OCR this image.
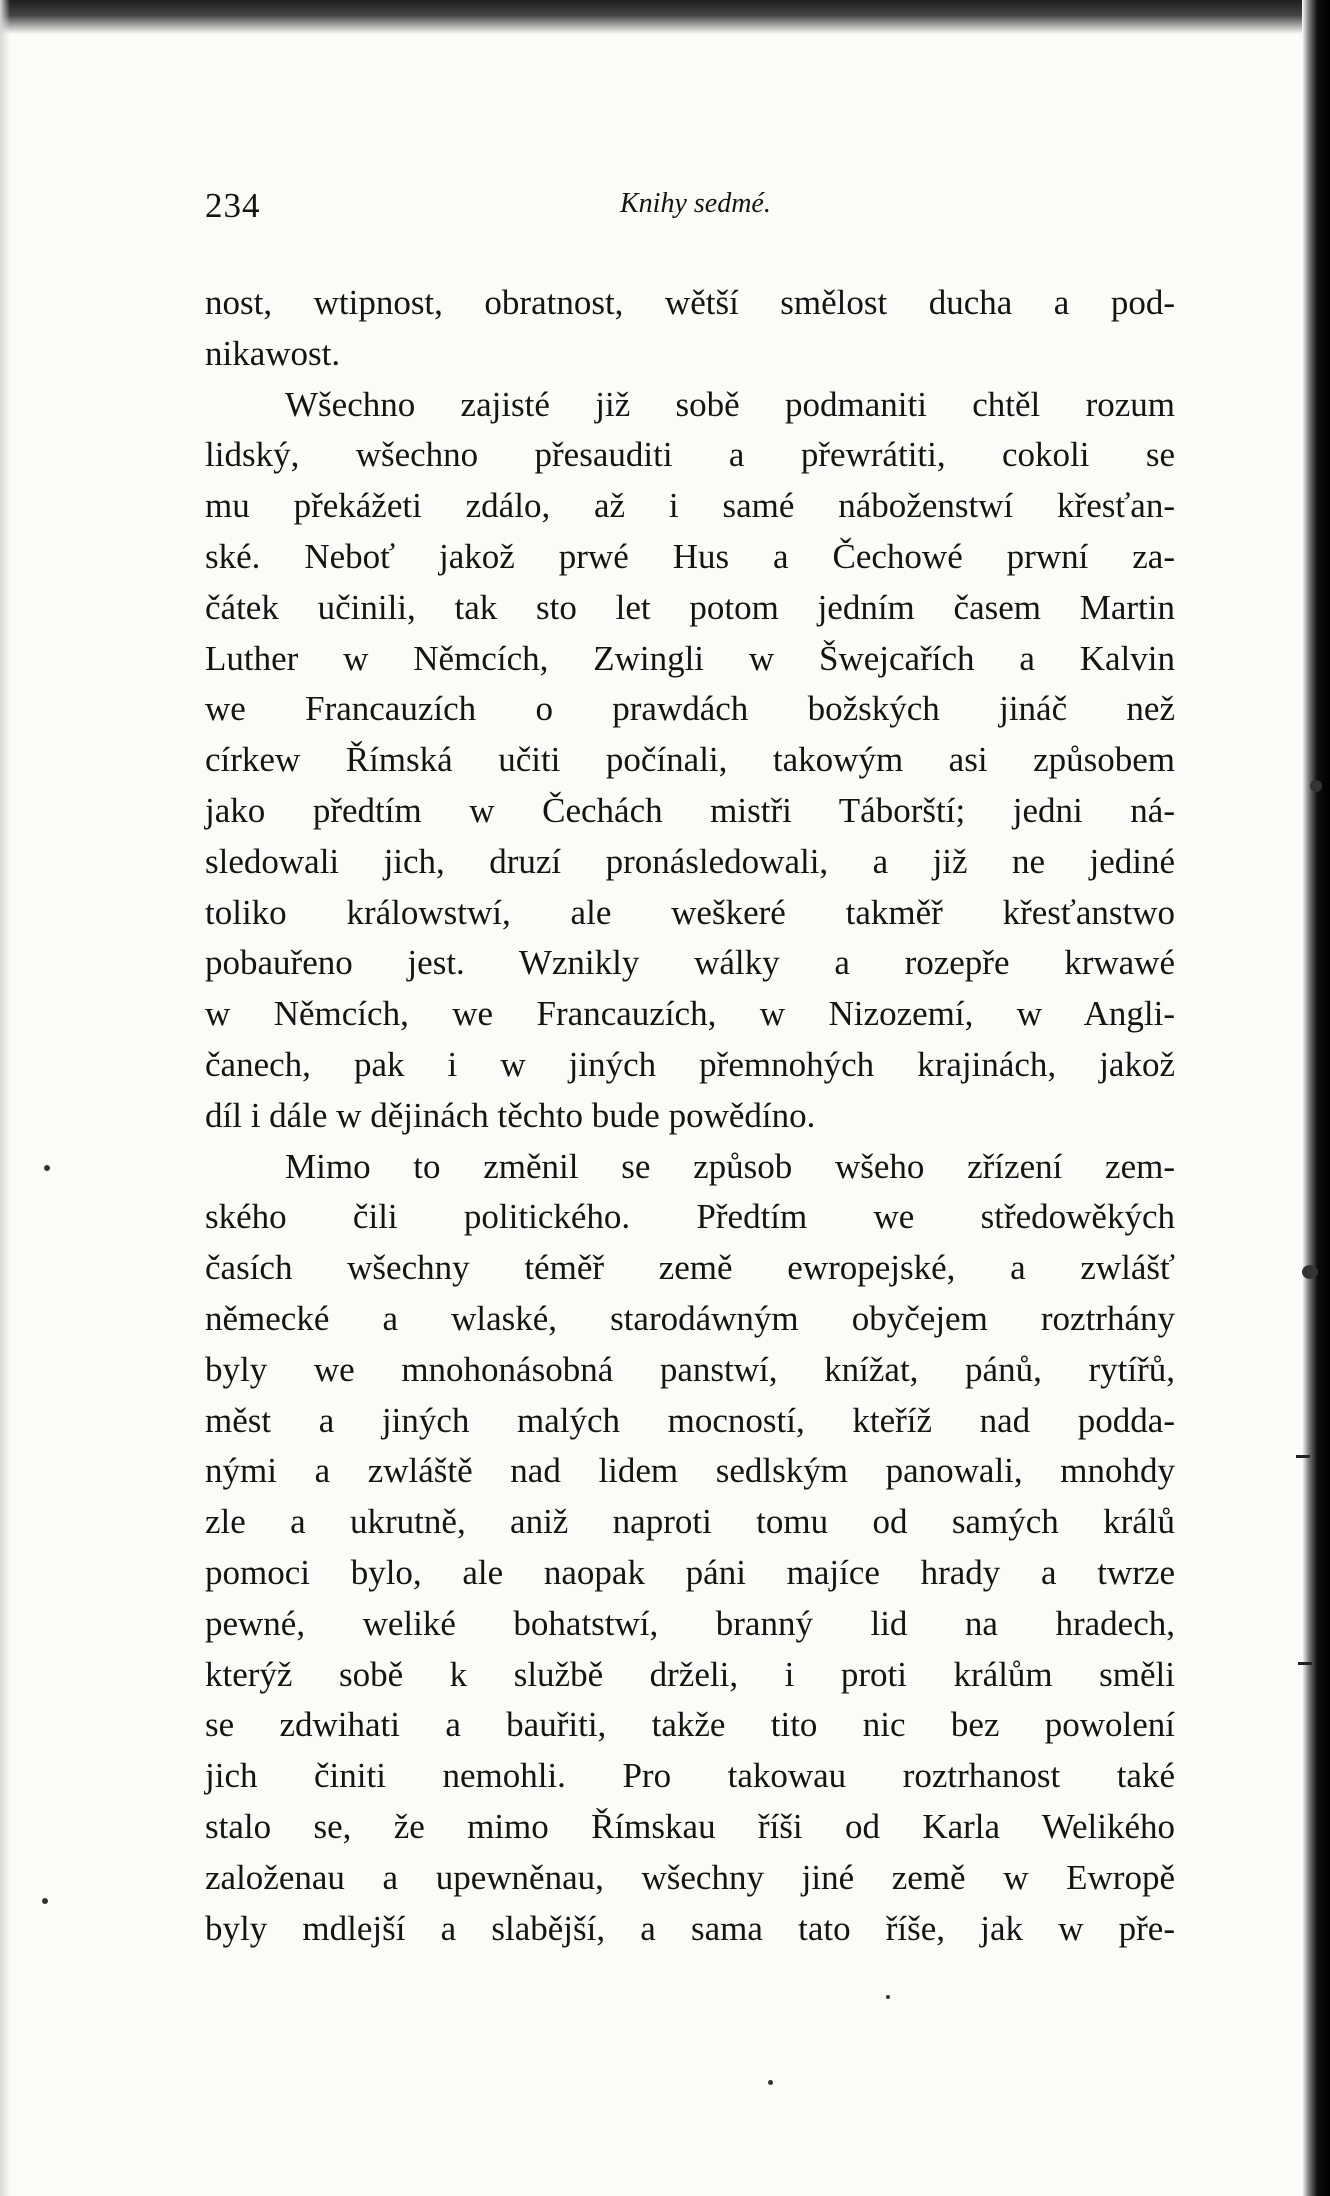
234	Knihy sedmé.
nost, wtipnost, obratnost, wětší smělost ducha a pod-
nikawost.
Wšechno zajisté již sobě podmaniti chtěl rozum
lidský, wšechno přesauditi a přewrátiti, cokoli se
mu překážeti zdálo, až i samé náboženstwí křesťan-
ské. Neboť jakož prwé Hus a Čechowé prwní za-
čátek učinili, tak sto let potom jedním časem Martin
Luther w Němcích, Zwingli w Šwejcařích a Kalvin
we Francauzích o prawdách božských jináč než
církew Římská učiti počínali, takowým asi způsobem
jako předtím w Čechách mistři Táborští; jedni ná-
sledowali jich, druzí pronásledowali, a již ne jediné
toliko králowstwí, ale weškeré takměř křesťanstwo
pobauřeno jest. Wznikly wálky a rozepře krwawé
w Němcích, we Francauzích, w Nizozemí, w Angli-
čanech, pak i w jiných přemnohých krajinách, jakož
díl i dále w dějinách těchto bude powědíno.
Mimo to změnil se způsob wšeho zřízení zem-
ského čili politického. Předtím we středowěkých
časích wšechny téměř země ewropejské, a zwlášť
německé a wlaské, starodáwným obyčejem roztrhány
byly we mnohonásobná panstwí, knížat, pánů, rytířů,
měst a jiných malých mocností, kteříž nad podda-
nými a zwláště nad lidem sedlským panowali, mnohdy
zle a ukrutně, aniž naproti tomu od samých králů
pomoci bylo, ale naopak páni majíce hrady a twrze
pewné, weliké bohatstwí, branný lid na hradech,
kterýž sobě k službě drželi, i proti králům směli
se zdwihati a bauřiti, takže tito nic bez powolení
jich činiti nemohli. Pro takowau roztrhanost také
stalo se, že mimo Římskau říši od Karla Welikého
založenau a upewněnau, wšechny jiné země w Ewropě
byly mdlejší a slabější, a sama tato říše, jak w pře-
